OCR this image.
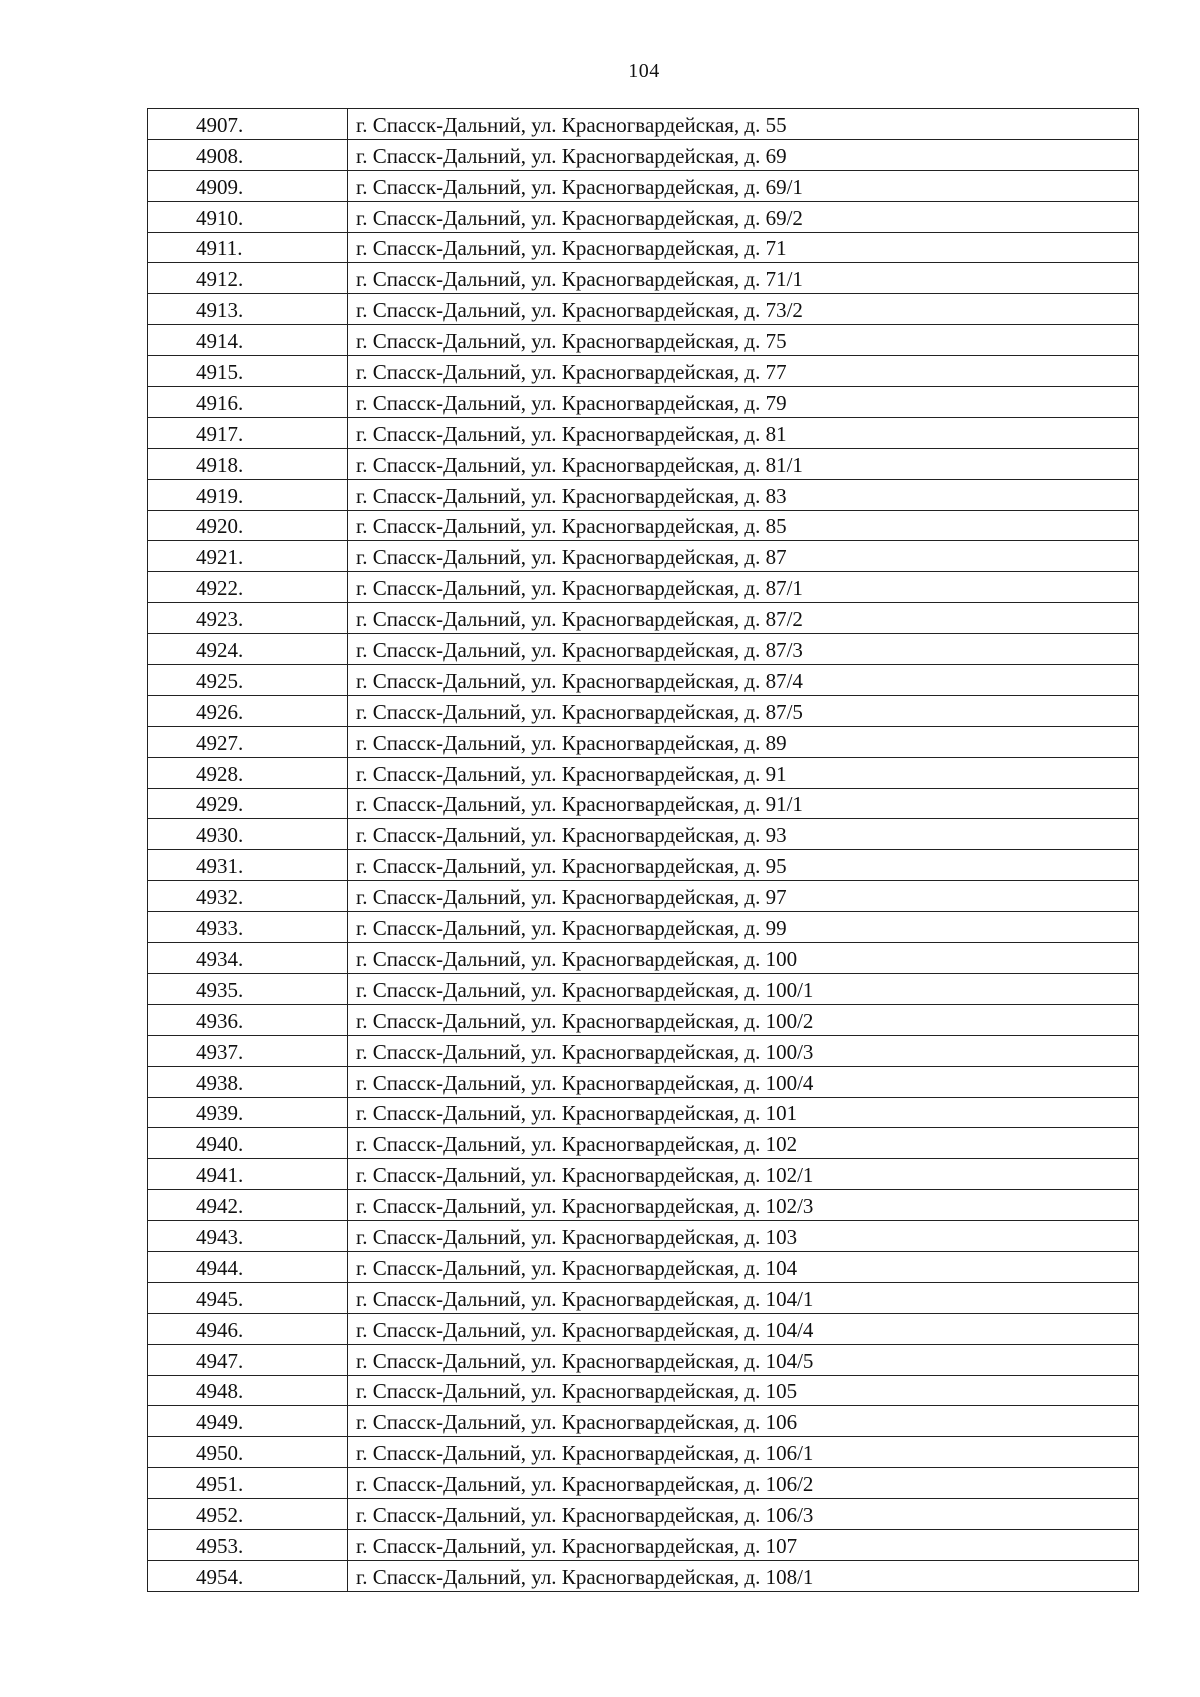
104
4907.	г. Спасск-Дальний, ул. Красногвардейская, д. 55
4908.	г. Спасск-Дальний, ул. Красногвардейская, д. 69
4909.	г. Спасск-Дальний, ул. Красногвардейская, д. 69/1
4910.	г. Спасск-Дальний, ул. Красногвардейская, д. 69/2
4911.	г. Спасск-Дальний, ул. Красногвардейская, д. 71
4912.	г. Спасск-Дальний, ул. Красногвардейская, д. 71/1
4913.	г. Спасск-Дальний, ул. Красногвардейская, д. 73/2
4914.	г. Спасск-Дальний, ул. Красногвардейская, д. 75
4915.	г. Спасск-Дальний, ул. Красногвардейская, д. 77
4916.	г. Спасск-Дальний, ул. Красногвардейская, д. 79
4917.	г. Спасск-Дальний, ул. Красногвардейская, д. 81
4918.	г. Спасск-Дальний, ул. Красногвардейская, д. 81/1
4919.	г. Спасск-Дальний, ул. Красногвардейская, д. 83
4920.	г. Спасск-Дальний, ул. Красногвардейская, д. 85
4921.	г. Спасск-Дальний, ул. Красногвардейская, д. 87
4922.	г. Спасск-Дальний, ул. Красногвардейская, д. 87/1
4923.	г. Спасск-Дальний, ул. Красногвардейская, д. 87/2
4924.	г. Спасск-Дальний, ул. Красногвардейская, д. 87/3
4925.	г. Спасск-Дальний, ул. Красногвардейская, д. 87/4
4926.	г. Спасск-Дальний, ул. Красногвардейская, д. 87/5
4927.	г. Спасск-Дальний, ул. Красногвардейская, д. 89
4928.	г. Спасск-Дальний, ул. Красногвардейская, д. 91
4929.	г. Спасск-Дальний, ул. Красногвардейская, д. 91/1
4930.	г. Спасск-Дальний, ул. Красногвардейская, д. 93
4931.	г. Спасск-Дальний, ул. Красногвардейская, д. 95
4932.	г. Спасск-Дальний, ул. Красногвардейская, д. 97
4933.	г. Спасск-Дальний, ул. Красногвардейская, д. 99
4934.	г. Спасск-Дальний, ул. Красногвардейская, д. 100
4935.	г. Спасск-Дальний, ул. Красногвардейская, д. 100/1
4936.	г. Спасск-Дальний, ул. Красногвардейская, д. 100/2
4937.	г. Спасск-Дальний, ул. Красногвардейская, д. 100/3
4938.	г. Спасск-Дальний, ул. Красногвардейская, д. 100/4
4939.	г. Спасск-Дальний, ул. Красногвардейская, д. 101
4940.	г. Спасск-Дальний, ул. Красногвардейская, д. 102
4941.	г. Спасск-Дальний, ул. Красногвардейская, д. 102/1
4942.	г. Спасск-Дальний, ул. Красногвардейская, д. 102/3
4943.	г. Спасск-Дальний, ул. Красногвардейская, д. 103
4944.	г. Спасск-Дальний, ул. Красногвардейская, д. 104
4945.	г. Спасск-Дальний, ул. Красногвардейская, д. 104/1
4946.	г. Спасск-Дальний, ул. Красногвардейская, д. 104/4
4947.	г. Спасск-Дальний, ул. Красногвардейская, д. 104/5
4948.	г. Спасск-Дальний, ул. Красногвардейская, д. 105
4949.	г. Спасск-Дальний, ул. Красногвардейская, д. 106
4950.	г. Спасск-Дальний, ул. Красногвардейская, д. 106/1
4951.	г. Спасск-Дальний, ул. Красногвардейская, д. 106/2
4952.	г. Спасск-Дальний, ул. Красногвардейская, д. 106/3
4953.	г. Спасск-Дальний, ул. Красногвардейская, д. 107
4954.	г. Спасск-Дальний, ул. Красногвардейская, д. 108/1
